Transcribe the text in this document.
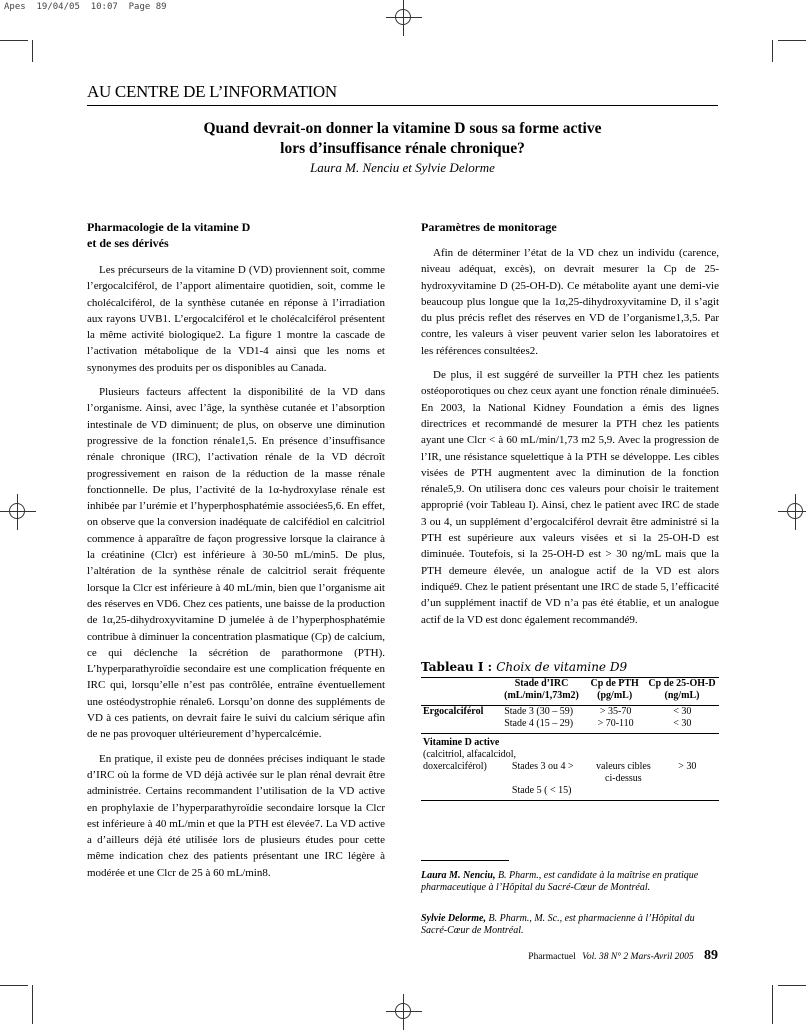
Apes  19/04/05  10:07  Page 89
AU CENTRE DE L’INFORMATION
Quand devrait-on donner la vitamine D sous sa forme active
lors d’insuffisance rénale chronique?
Laura M. Nenciu et Sylvie Delorme
Pharmacologie de la vitamine D
et de ses dérivés

Les précurseurs de la vitamine D (VD) proviennent soit, comme l’ergocalciférol, de l’apport alimentaire quotidien, soit, comme le cholécalciférol, de la synthèse cutanée en réponse à l’irradiation aux rayons UVB1. L’ergocalciférol et le cholécalciférol présentent la même activité biologique2. La figure 1 montre la cascade de l’activation métabolique de la VD1-4 ainsi que les noms et synonymes des produits per os disponibles au Canada.

Plusieurs facteurs affectent la disponibilité de la VD dans l’organisme. Ainsi, avec l’âge, la synthèse cutanée et l’absorption intestinale de VD diminuent; de plus, on observe une diminution progressive de la fonction rénale1,5. En présence d’insuffisance rénale chronique (IRC), l’activation rénale de la VD décroît progressivement en raison de la réduction de la masse rénale fonctionnelle. De plus, l’activité de la 1α-hydroxylase rénale est inhibée par l’urémie et l’hyperphosphatémie associées5,6. En effet, on observe que la conversion inadéquate de calcifédiol en calcitriol commence à apparaître de façon progressive lorsque la clairance à la créatinine (Clcr) est inférieure à 30-50 mL/min5. De plus, l’altération de la synthèse rénale de calcitriol serait fréquente lorsque la Clcr est inférieure à 40 mL/min, bien que l’organisme ait des réserves en VD6. Chez ces patients, une baisse de la production de 1α,25-dihydroxyvitamine D jumelée à de l’hyperphosphatémie contribue à diminuer la concentration plasmatique (Cp) de calcium, ce qui déclenche la sécrétion de parathormone (PTH). L’hyperparathyroïdie secondaire est une complication fréquente en IRC qui, lorsqu’elle n’est pas contrôlée, entraîne éventuellement une ostéodystrophie rénale6. Lorsqu’on donne des suppléments de VD à ces patients, on devrait faire le suivi du calcium sérique afin de ne pas provoquer ultérieurement d’hypercalcémie.

En pratique, il existe peu de données précises indiquant le stade d’IRC où la forme de VD déjà activée sur le plan rénal devrait être administrée. Certains recommandent l’utilisation de la VD active en prophylaxie de l’hyperparathyroïdie secondaire lorsque la Clcr est inférieure à 40 mL/min et que la PTH est élevée7. La VD active a d’ailleurs déjà été utilisée lors de plusieurs études pour cette même indication chez des patients présentant une IRC légère à modérée et une Clcr de 25 à 60 mL/min8.

Paramètres de monitorage

Afin de déterminer l’état de la VD chez un individu (carence, niveau adéquat, excès), on devrait mesurer la Cp de 25-hydroxyvitamine D (25-OH-D). Ce métabolite ayant une demi-vie beaucoup plus longue que la 1α,25-dihydroxyvitamine D, il s’agit du plus précis reflet des réserves en VD de l’organisme1,3,5. Par contre, les valeurs à viser peuvent varier selon les laboratoires et les références consultées2.

De plus, il est suggéré de surveiller la PTH chez les patients ostéoporotiques ou chez ceux ayant une fonction rénale diminuée5. En 2003, la National Kidney Foundation a émis des lignes directrices et recommandé de mesurer la PTH chez les patients ayant une Clcr < à 60 mL/min/1,73 m2 5,9. Avec la progression de l’IR, une résistance squelettique à la PTH se développe. Les cibles visées de PTH augmentent avec la diminution de la fonction rénale5,9. On utilisera donc ces valeurs pour choisir le traitement approprié (voir Tableau I). Ainsi, chez le patient avec IRC de stade 3 ou 4, un supplément d’ergocalciférol devrait être administré si la PTH est supérieure aux valeurs visées et si la 25-OH-D est diminuée. Toutefois, si la 25-OH-D est > 30 ng/mL mais que la PTH demeure élevée, un analogue actif de la VD est alors indiqué9. Chez le patient présentant une IRC de stade 5, l’efficacité d’un supplément inactif de VD n’a pas été établie, et un analogue actif de la VD est donc également recommandé9.

Tableau I : Choix de vitamine D9
	Stade d’IRC (mL/min/1,73m2)	Cp de PTH (pg/mL)	Cp de 25-OH-D (ng/mL)
Ergocalciférol	Stade 3 (30 – 59)	> 35-70	< 30
	Stade 4 (15 – 29)	> 70-110	< 30
Vitamine D active			
(calcitriol, alfacalcidol,			
doxercalciférol)	Stades 3 ou 4 >	valeurs cibles ci-dessus	> 30
	Stade 5 ( < 15)		
Laura M. Nenciu, B. Pharm., est candidate à la maîtrise en pratique pharmaceutique à l’Hôpital du Sacré-Cœur de Montréal.
Sylvie Delorme, B. Pharm., M. Sc., est pharmacienne à l’Hôpital du Sacré-Cœur de Montréal.
Pharmactuel Vol. 38 N° 2 Mars-Avril 2005 89
